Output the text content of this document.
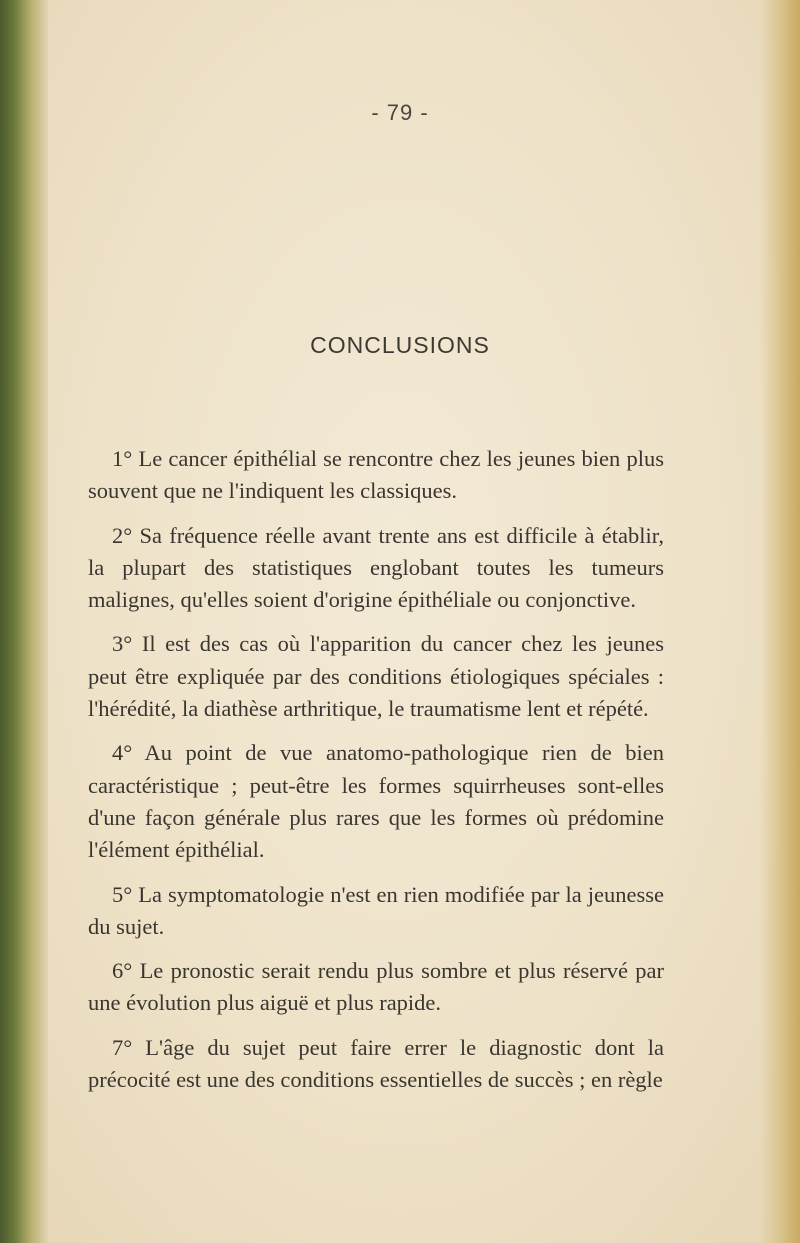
- 79 -
CONCLUSIONS

1° Le cancer épithélial se rencontre chez les jeunes bien plus souvent que ne l'indiquent les classiques.

2° Sa fréquence réelle avant trente ans est difficile à établir, la plupart des statistiques englobant toutes les tumeurs malignes, qu'elles soient d'origine épithéliale ou conjonctive.

3° Il est des cas où l'apparition du cancer chez les jeunes peut être expliquée par des conditions étiologiques spéciales : l'hérédité, la diathèse arthritique, le traumatisme lent et répété.

4° Au point de vue anatomo-pathologique rien de bien caractéristique ; peut-être les formes squirrheuses sont-elles d'une façon générale plus rares que les formes où prédomine l'élément épithélial.

5° La symptomatologie n'est en rien modifiée par la jeunesse du sujet.

6° Le pronostic serait rendu plus sombre et plus réservé par une évolution plus aiguë et plus rapide.

7° L'âge du sujet peut faire errer le diagnostic dont la précocité est une des conditions essentielles de succès ; en règle
